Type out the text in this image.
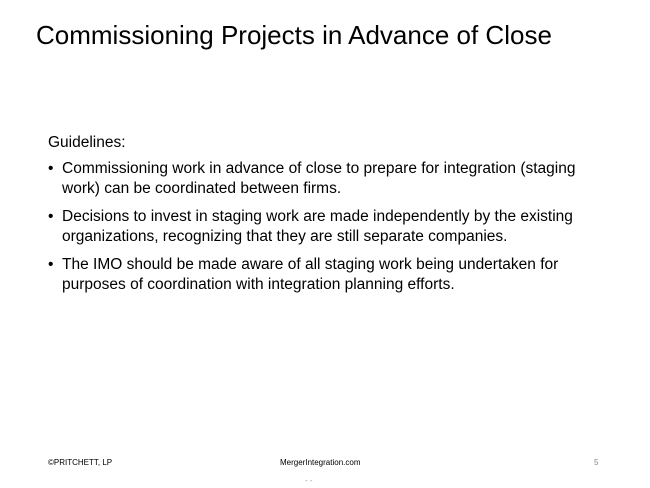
Commissioning Projects in Advance of Close

Guidelines:

• Commissioning work in advance of close to prepare for integration (staging work) can be coordinated between firms.
• Decisions to invest in staging work are made independently by the existing organizations, recognizing that they are still separate companies.
• The IMO should be made aware of all staging work being undertaken for purposes of coordination with integration planning efforts.
©PRITCHETT, LP	MergerIntegration.com	5
- -
